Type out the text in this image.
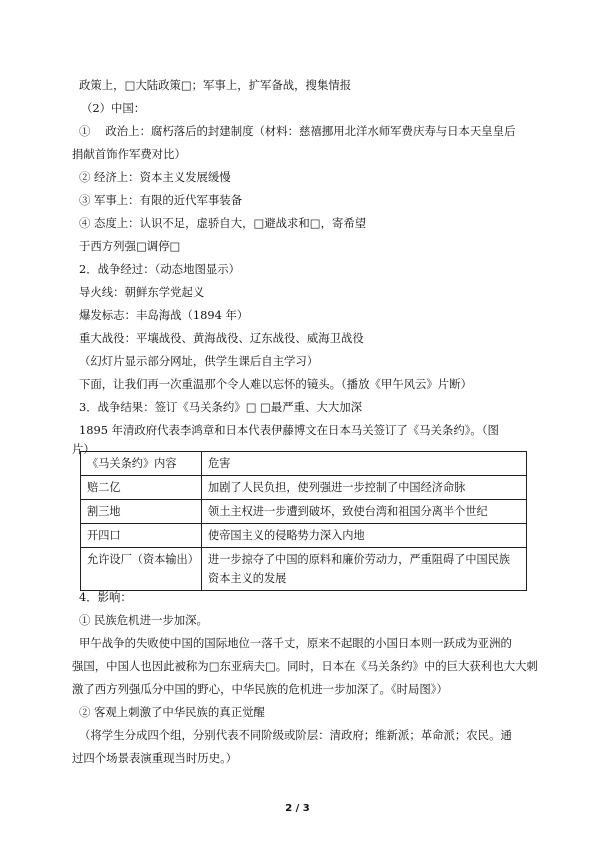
政策上，□大陆政策□；军事上，扩军备战，搜集情报
（2）中国：
①　 政治上：腐朽落后的封建制度（材料：慈禧挪用北洋水师军费庆寿与日本天皇皇后
捐献首饰作军费对比）
② 经济上：资本主义发展缓慢
③ 军事上：有限的近代军事装备
④ 态度上：认识不足，虚骄自大，□避战求和□，寄希望
于西方列强□调停□
2．战争经过：（动态地图显示）
导火线：朝鲜东学党起义
爆发标志：丰岛海战（1894 年）
重大战役：平壤战役、黄海战役、辽东战役、威海卫战役
（幻灯片显示部分网址，供学生课后自主学习）
下面，让我们再一次重温那个令人难以忘怀的镜头。（播放《甲午风云》片断）
3．战争结果：签订《马关条约》□ □最严重、大大加深
1895 年清政府代表李鸿章和日本代表伊藤博文在日本马关签订了《马关条约》。（图
片）
《马关条约》内容	危害
赔二亿	加剧了人民负担，使列强进一步控制了中国经济命脉
割三地	领土主权进一步遭到破坏，致使台湾和祖国分离半个世纪
开四口	使帝国主义的侵略势力深入内地
允许设厂（资本输出）	进一步掠夺了中国的原料和廉价劳动力，严重阻碍了中国民族资本主义的发展
4．影响：
① 民族危机进一步加深。
甲午战争的失败使中国的国际地位一落千丈，原来不起眼的小国日本则一跃成为亚洲的
强国，中国人也因此被称为□东亚病夫□。同时，日本在《马关条约》中的巨大获利也大大刺
激了西方列强瓜分中国的野心，中华民族的危机进一步加深了。《时局图》）
② 客观上刺激了中华民族的真正觉醒
（将学生分成四个组，分别代表不同阶级或阶层：清政府；维新派；革命派；农民。通
过四个场景表演重现当时历史。）
2 / 3
